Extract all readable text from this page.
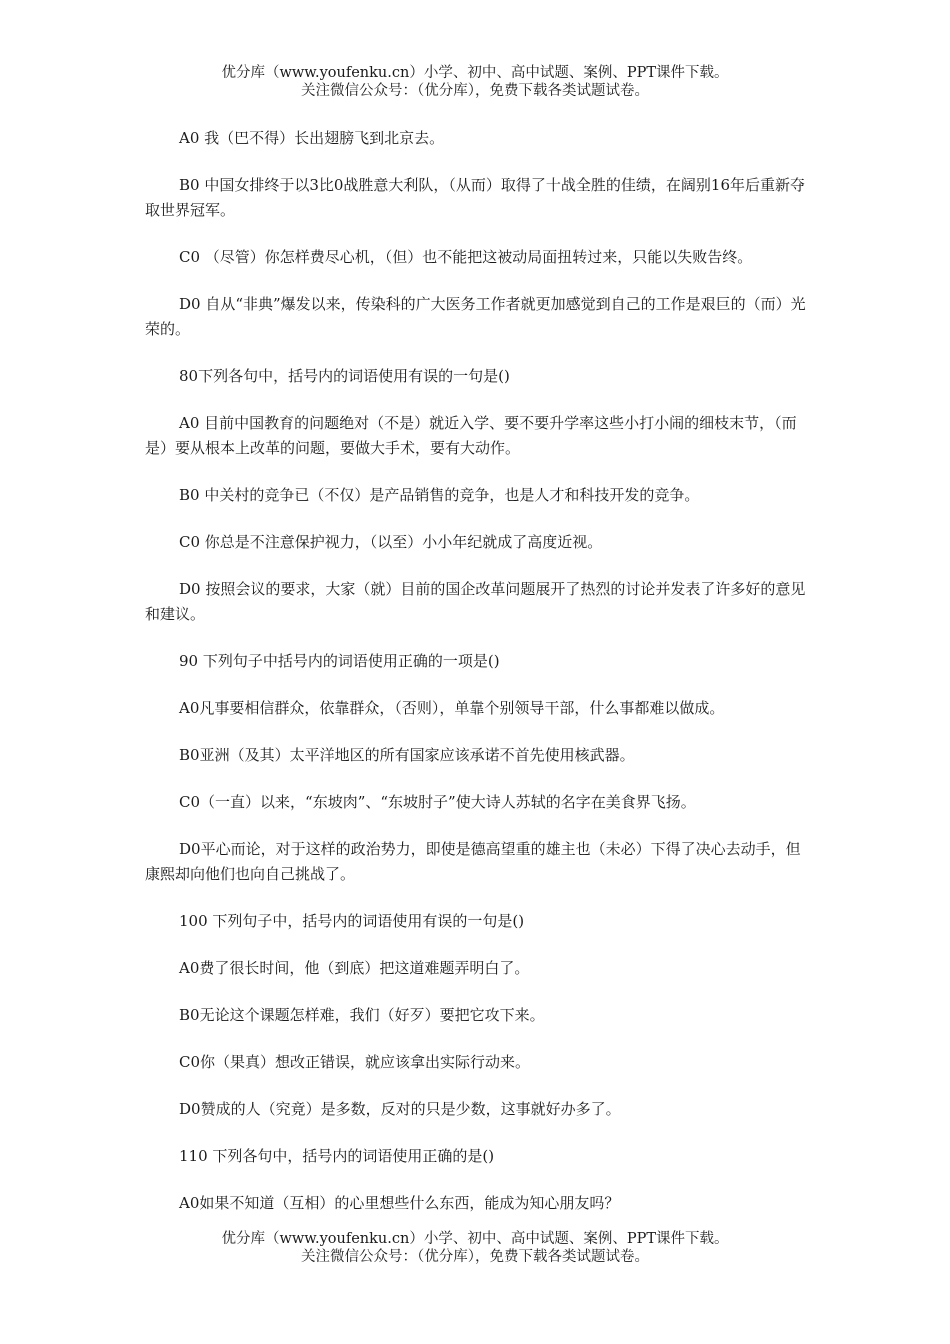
优分库（www.youfenku.cn）小学、初中、高中试题、案例、PPT课件下载。
关注微信公众号：（优分库），免费下载各类试题试卷。

A0 我（巴不得）长出翅膀飞到北京去。

B0 中国女排终于以3比0战胜意大利队，（从而）取得了十战全胜的佳绩，在阔别16年后重新夺取世界冠军。

C0 （尽管）你怎样费尽心机，（但）也不能把这被动局面扭转过来，只能以失败告终。

D0 自从“非典”爆发以来，传染科的广大医务工作者就更加感觉到自己的工作是艰巨的（而）光荣的。

80下列各句中，括号内的词语使用有误的一句是()

A0 目前中国教育的问题绝对（不是）就近入学、要不要升学率这些小打小闹的细枝末节，（而是）要从根本上改革的问题，要做大手术，要有大动作。

B0 中关村的竞争已（不仅）是产品销售的竞争，也是人才和科技开发的竞争。

C0 你总是不注意保护视力，（以至）小小年纪就成了高度近视。

D0 按照会议的要求，大家（就）目前的国企改革问题展开了热烈的讨论并发表了许多好的意见和建议。

90 下列句子中括号内的词语使用正确的一项是()

A0凡事要相信群众，依靠群众，（否则），单靠个别领导干部，什么事都难以做成。

B0亚洲（及其）太平洋地区的所有国家应该承诺不首先使用核武器。

C0（一直）以来，“东坡肉”、“东坡肘子”使大诗人苏轼的名字在美食界飞扬。

D0平心而论，对于这样的政治势力，即使是德高望重的雄主也（未必）下得了决心去动手，但康熙却向他们也向自己挑战了。

100 下列句子中，括号内的词语使用有误的一句是()

A0费了很长时间，他（到底）把这道难题弄明白了。

B0无论这个课题怎样难，我们（好歹）要把它攻下来。

C0你（果真）想改正错误，就应该拿出实际行动来。

D0赞成的人（究竟）是多数，反对的只是少数，这事就好办多了。

110 下列各句中，括号内的词语使用正确的是()

A0如果不知道（互相）的心里想些什么东西，能成为知心朋友吗？

优分库（www.youfenku.cn）小学、初中、高中试题、案例、PPT课件下载。
关注微信公众号：（优分库），免费下载各类试题试卷。
